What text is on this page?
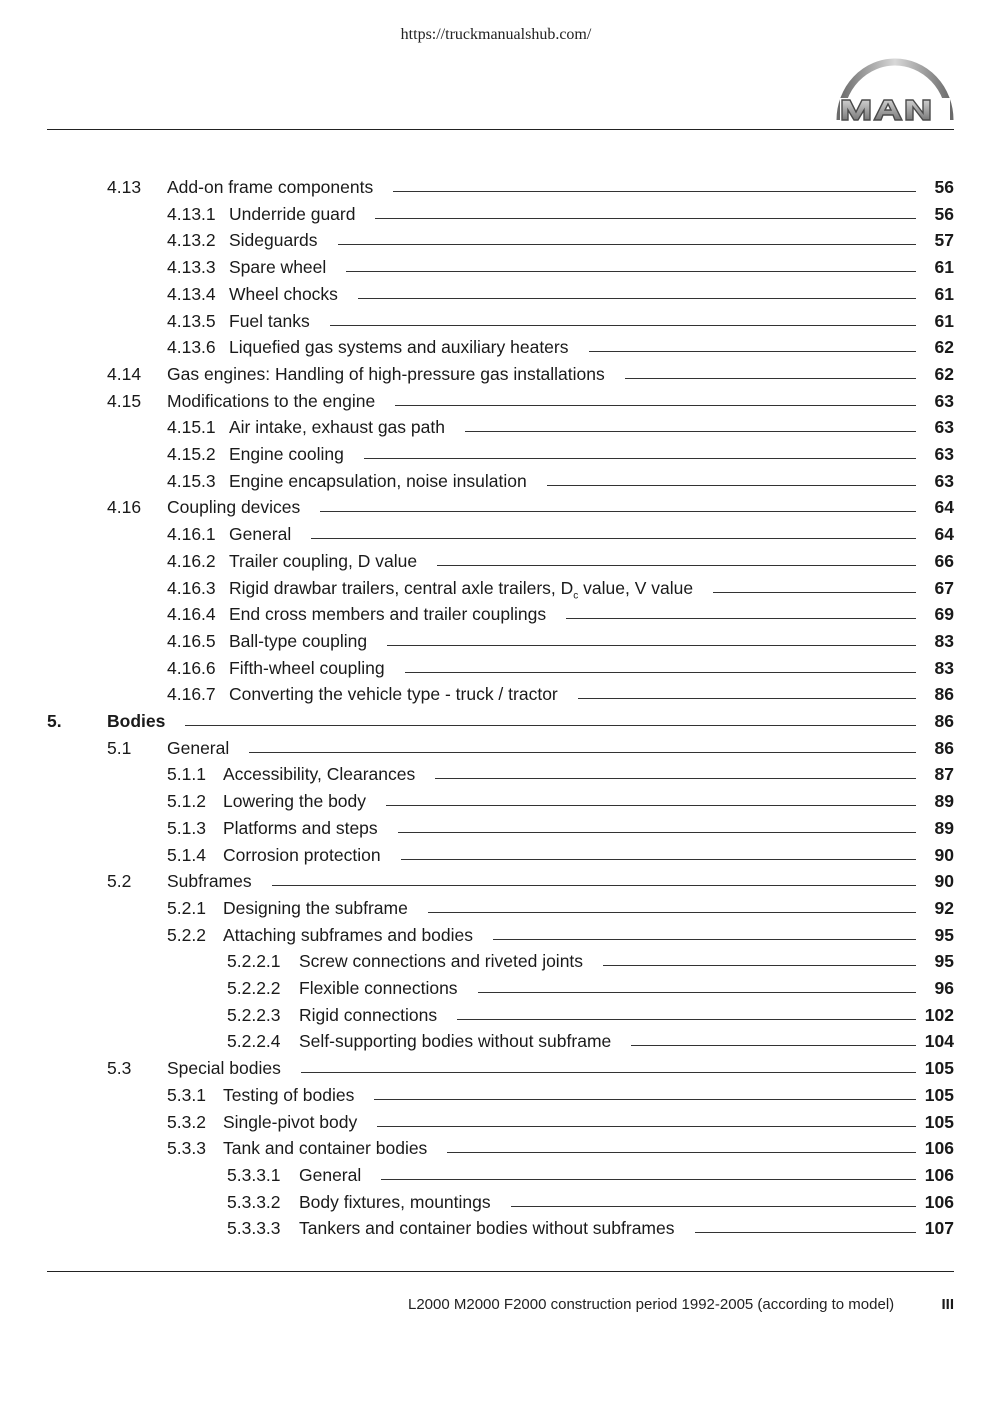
https://truckmanualshub.com/
4.13 Add-on frame components	56
4.13.1 Underride guard	56
4.13.2 Sideguards	57
4.13.3 Spare wheel	61
4.13.4 Wheel chocks	61
4.13.5 Fuel tanks	61
4.13.6 Liquefied gas systems and auxiliary heaters	62
4.14 Gas engines: Handling of high-pressure gas installations	62
4.15 Modifications to the engine	63
4.15.1 Air intake, exhaust gas path	63
4.15.2 Engine cooling	63
4.15.3 Engine encapsulation, noise insulation	63
4.16 Coupling devices	64
4.16.1 General	64
4.16.2 Trailer coupling, D value	66
4.16.3 Rigid drawbar trailers, central axle trailers, $D_c$ value, V value	67
4.16.4 End cross members and trailer couplings	69
4.16.5 Ball-type coupling	83
4.16.6 Fifth-wheel coupling	83
4.16.7 Converting the vehicle type - truck / tractor	86
5.	Bodies	86
5.1 General	86
5.1.1 Accessibility, Clearances	87
5.1.2 Lowering the body	89
5.1.3 Platforms and steps	89
5.1.4 Corrosion protection	90
5.2 Subframes	90
5.2.1 Designing the subframe	92
5.2.2 Attaching subframes and bodies	95
5.2.2.1 Screw connections and riveted joints	95
5.2.2.2 Flexible connections	96
5.2.2.3 Rigid connections	102
5.2.2.4 Self-supporting bodies without subframe	104
5.3 Special bodies	105
5.3.1 Testing of bodies	105
5.3.2 Single-pivot body	105
5.3.3 Tank and container bodies	106
5.3.3.1 General	106
5.3.3.2 Body fixtures, mountings	106
5.3.3.3 Tankers and container bodies without subframes	107
L2000 M2000 F2000 construction period 1992-2005 (according to model)	III
